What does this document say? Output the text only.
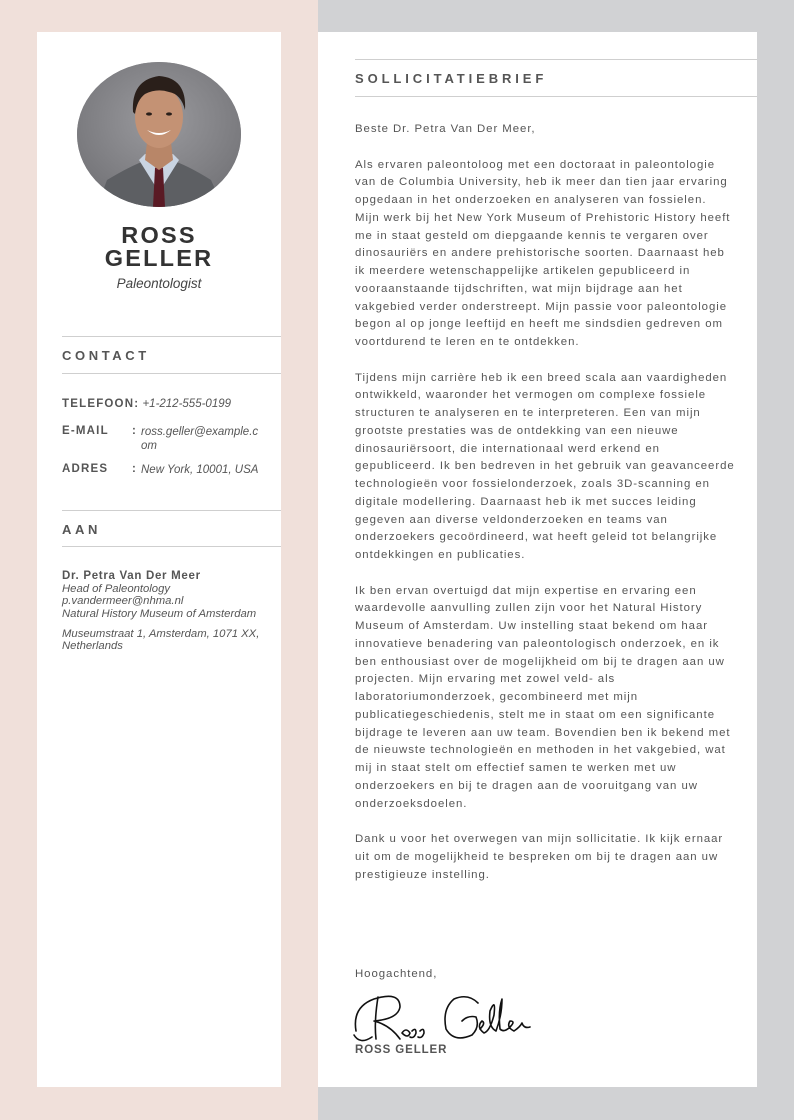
ROSS
GELLER
Paleontologist
CONTACT
TELEFOON: +1-212-555-0199
E-MAIL	: ross.geller@example.com
ADRES	: New York, 10001, USA
AAN
Dr. Petra Van Der Meer
Head of Paleontology
p.vandermeer@nhma.nl
Natural History Museum of Amsterdam
Museumstraat 1, Amsterdam, 1071 XX, Netherlands
SOLLICITATIEBRIEF

Beste Dr. Petra Van Der Meer,

Als ervaren paleontoloog met een doctoraat in paleontologie van de Columbia University, heb ik meer dan tien jaar ervaring opgedaan in het onderzoeken en analyseren van fossielen. Mijn werk bij het New York Museum of Prehistoric History heeft me in staat gesteld om diepgaande kennis te vergaren over dinosauriërs en andere prehistorische soorten. Daarnaast heb ik meerdere wetenschappelijke artikelen gepubliceerd in vooraanstaande tijdschriften, wat mijn bijdrage aan het vakgebied verder onderstreept. Mijn passie voor paleontologie begon al op jonge leeftijd en heeft me sindsdien gedreven om voortdurend te leren en te ontdekken.

Tijdens mijn carrière heb ik een breed scala aan vaardigheden ontwikkeld, waaronder het vermogen om complexe fossiele structuren te analyseren en te interpreteren. Een van mijn grootste prestaties was de ontdekking van een nieuwe dinosauriërsoort, die internationaal werd erkend en gepubliceerd. Ik ben bedreven in het gebruik van geavanceerde technologieën voor fossielonderzoek, zoals 3D-scanning en digitale modellering. Daarnaast heb ik met succes leiding gegeven aan diverse veldonderzoeken en teams van onderzoekers gecoördineerd, wat heeft geleid tot belangrijke ontdekkingen en publicaties.

Ik ben ervan overtuigd dat mijn expertise en ervaring een waardevolle aanvulling zullen zijn voor het Natural History Museum of Amsterdam. Uw instelling staat bekend om haar innovatieve benadering van paleontologisch onderzoek, en ik ben enthousiast over de mogelijkheid om bij te dragen aan uw projecten. Mijn ervaring met zowel veld- als laboratoriumonderzoek, gecombineerd met mijn publicatiegeschiedenis, stelt me in staat om een significante bijdrage te leveren aan uw team. Bovendien ben ik bekend met de nieuwste technologieën en methoden in het vakgebied, wat mij in staat stelt om effectief samen te werken met uw onderzoekers en bij te dragen aan de vooruitgang van uw onderzoeksdoelen.

Dank u voor het overwegen van mijn sollicitatie. Ik kijk ernaar uit om de mogelijkheid te bespreken om bij te dragen aan uw prestigieuze instelling.

Hoogachtend,
ROSS GELLER
